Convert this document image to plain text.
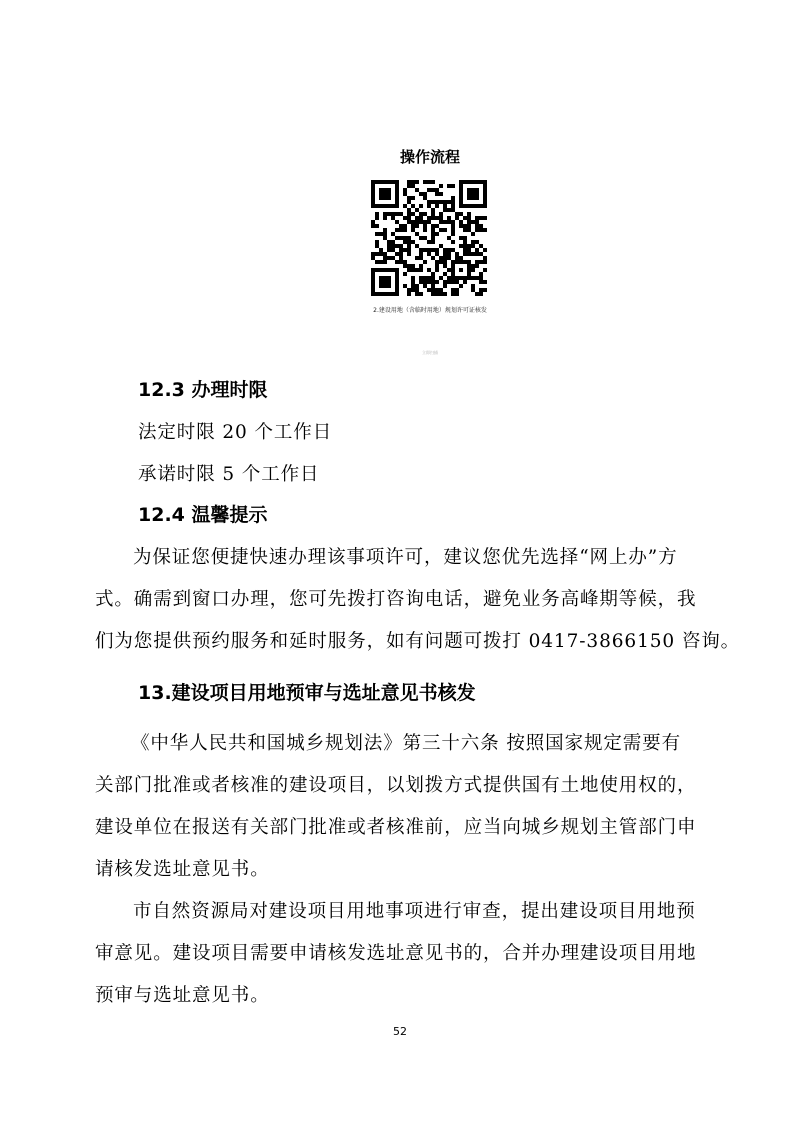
操作流程
2.建设用地（含临时用地）规划许可证核发
立即扫描
12.3 办理时限
法定时限 20 个工作日
承诺时限 5 个工作日
12.4 温馨提示
为保证您便捷快速办理该事项许可，建议您优先选择“网上办”方
式。确需到窗口办理，您可先拨打咨询电话，避免业务高峰期等候，我
们为您提供预约服务和延时服务，如有问题可拨打 0417-3866150 咨询。
13.建设项目用地预审与选址意见书核发
《中华人民共和国城乡规划法》第三十六条 按照国家规定需要有
关部门批准或者核准的建设项目，以划拨方式提供国有土地使用权的，
建设单位在报送有关部门批准或者核准前，应当向城乡规划主管部门申
请核发选址意见书。
市自然资源局对建设项目用地事项进行审查，提出建设项目用地预
审意见。建设项目需要申请核发选址意见书的，合并办理建设项目用地
预审与选址意见书。
52
